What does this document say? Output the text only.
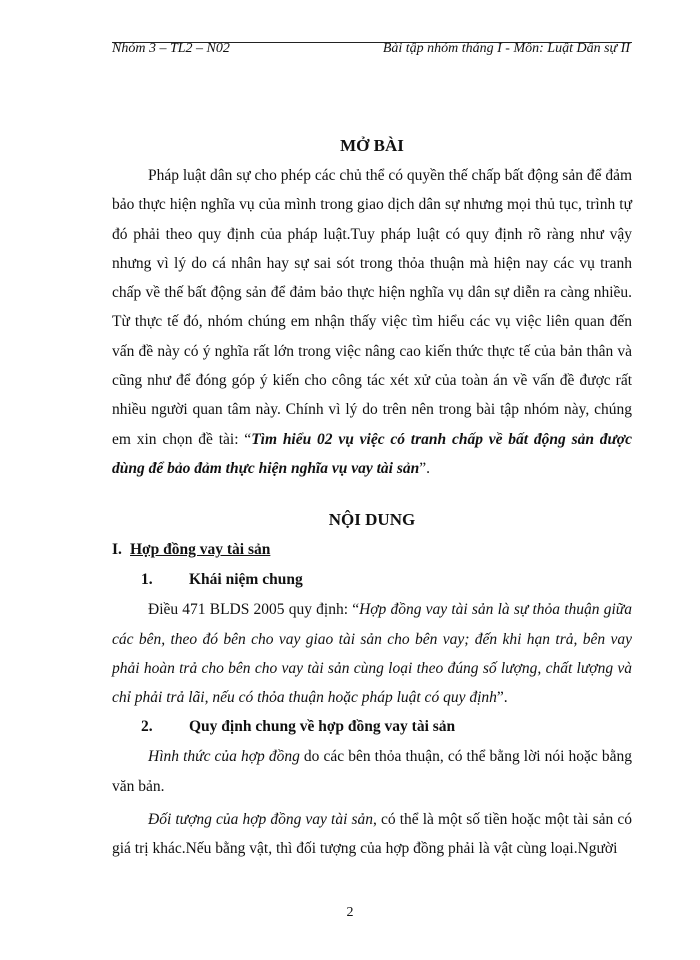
Nhóm 3 – TL2 – N02	Bài tập nhóm tháng I - Môn: Luật Dân sự II

MỞ BÀI

Pháp luật dân sự cho phép các chủ thể có quyền thế chấp bất động sản để đảm bảo thực hiện nghĩa vụ của mình trong giao dịch dân sự nhưng mọi thủ tục, trình tự đó phải theo quy định của pháp luật.Tuy pháp luật có quy định rõ ràng như vậy nhưng vì lý do cá nhân hay sự sai sót trong thỏa thuận mà hiện nay các vụ tranh chấp về thế bất động sản để đảm bảo thực hiện nghĩa vụ dân sự diễn ra càng nhiều. Từ thực tế đó, nhóm chúng em nhận thấy việc tìm hiểu các vụ việc liên quan đến vấn đề này có ý nghĩa rất lớn trong việc nâng cao kiến thức thực tế của bản thân và cũng như để đóng góp ý kiến cho công tác xét xử của toàn án về vấn đề được rất nhiều người quan tâm này. Chính vì lý do trên nên trong bài tập nhóm này, chúng em xin chọn đề tài: “Tìm hiểu 02 vụ việc có tranh chấp về bất động sản được dùng để bảo đảm thực hiện nghĩa vụ vay tài sản”.

NỘI DUNG

I. Hợp đồng vay tài sản

1. Khái niệm chung

Điều 471 BLDS 2005 quy định: “Hợp đồng vay tài sản là sự thỏa thuận giữa các bên, theo đó bên cho vay giao tài sản cho bên vay; đến khi hạn trả, bên vay phải hoàn trả cho bên cho vay tài sản cùng loại theo đúng số lượng, chất lượng và chỉ phải trả lãi, nếu có thỏa thuận hoặc pháp luật có quy định”.

2. Quy định chung về hợp đồng vay tài sản

Hình thức của hợp đồng do các bên thỏa thuận, có thể bằng lời nói hoặc bằng văn bản.

Đối tượng của hợp đồng vay tài sản, có thể là một số tiền hoặc một tài sản có giá trị khác.Nếu bằng vật, thì đối tượng của hợp đồng phải là vật cùng loại.Người

2
